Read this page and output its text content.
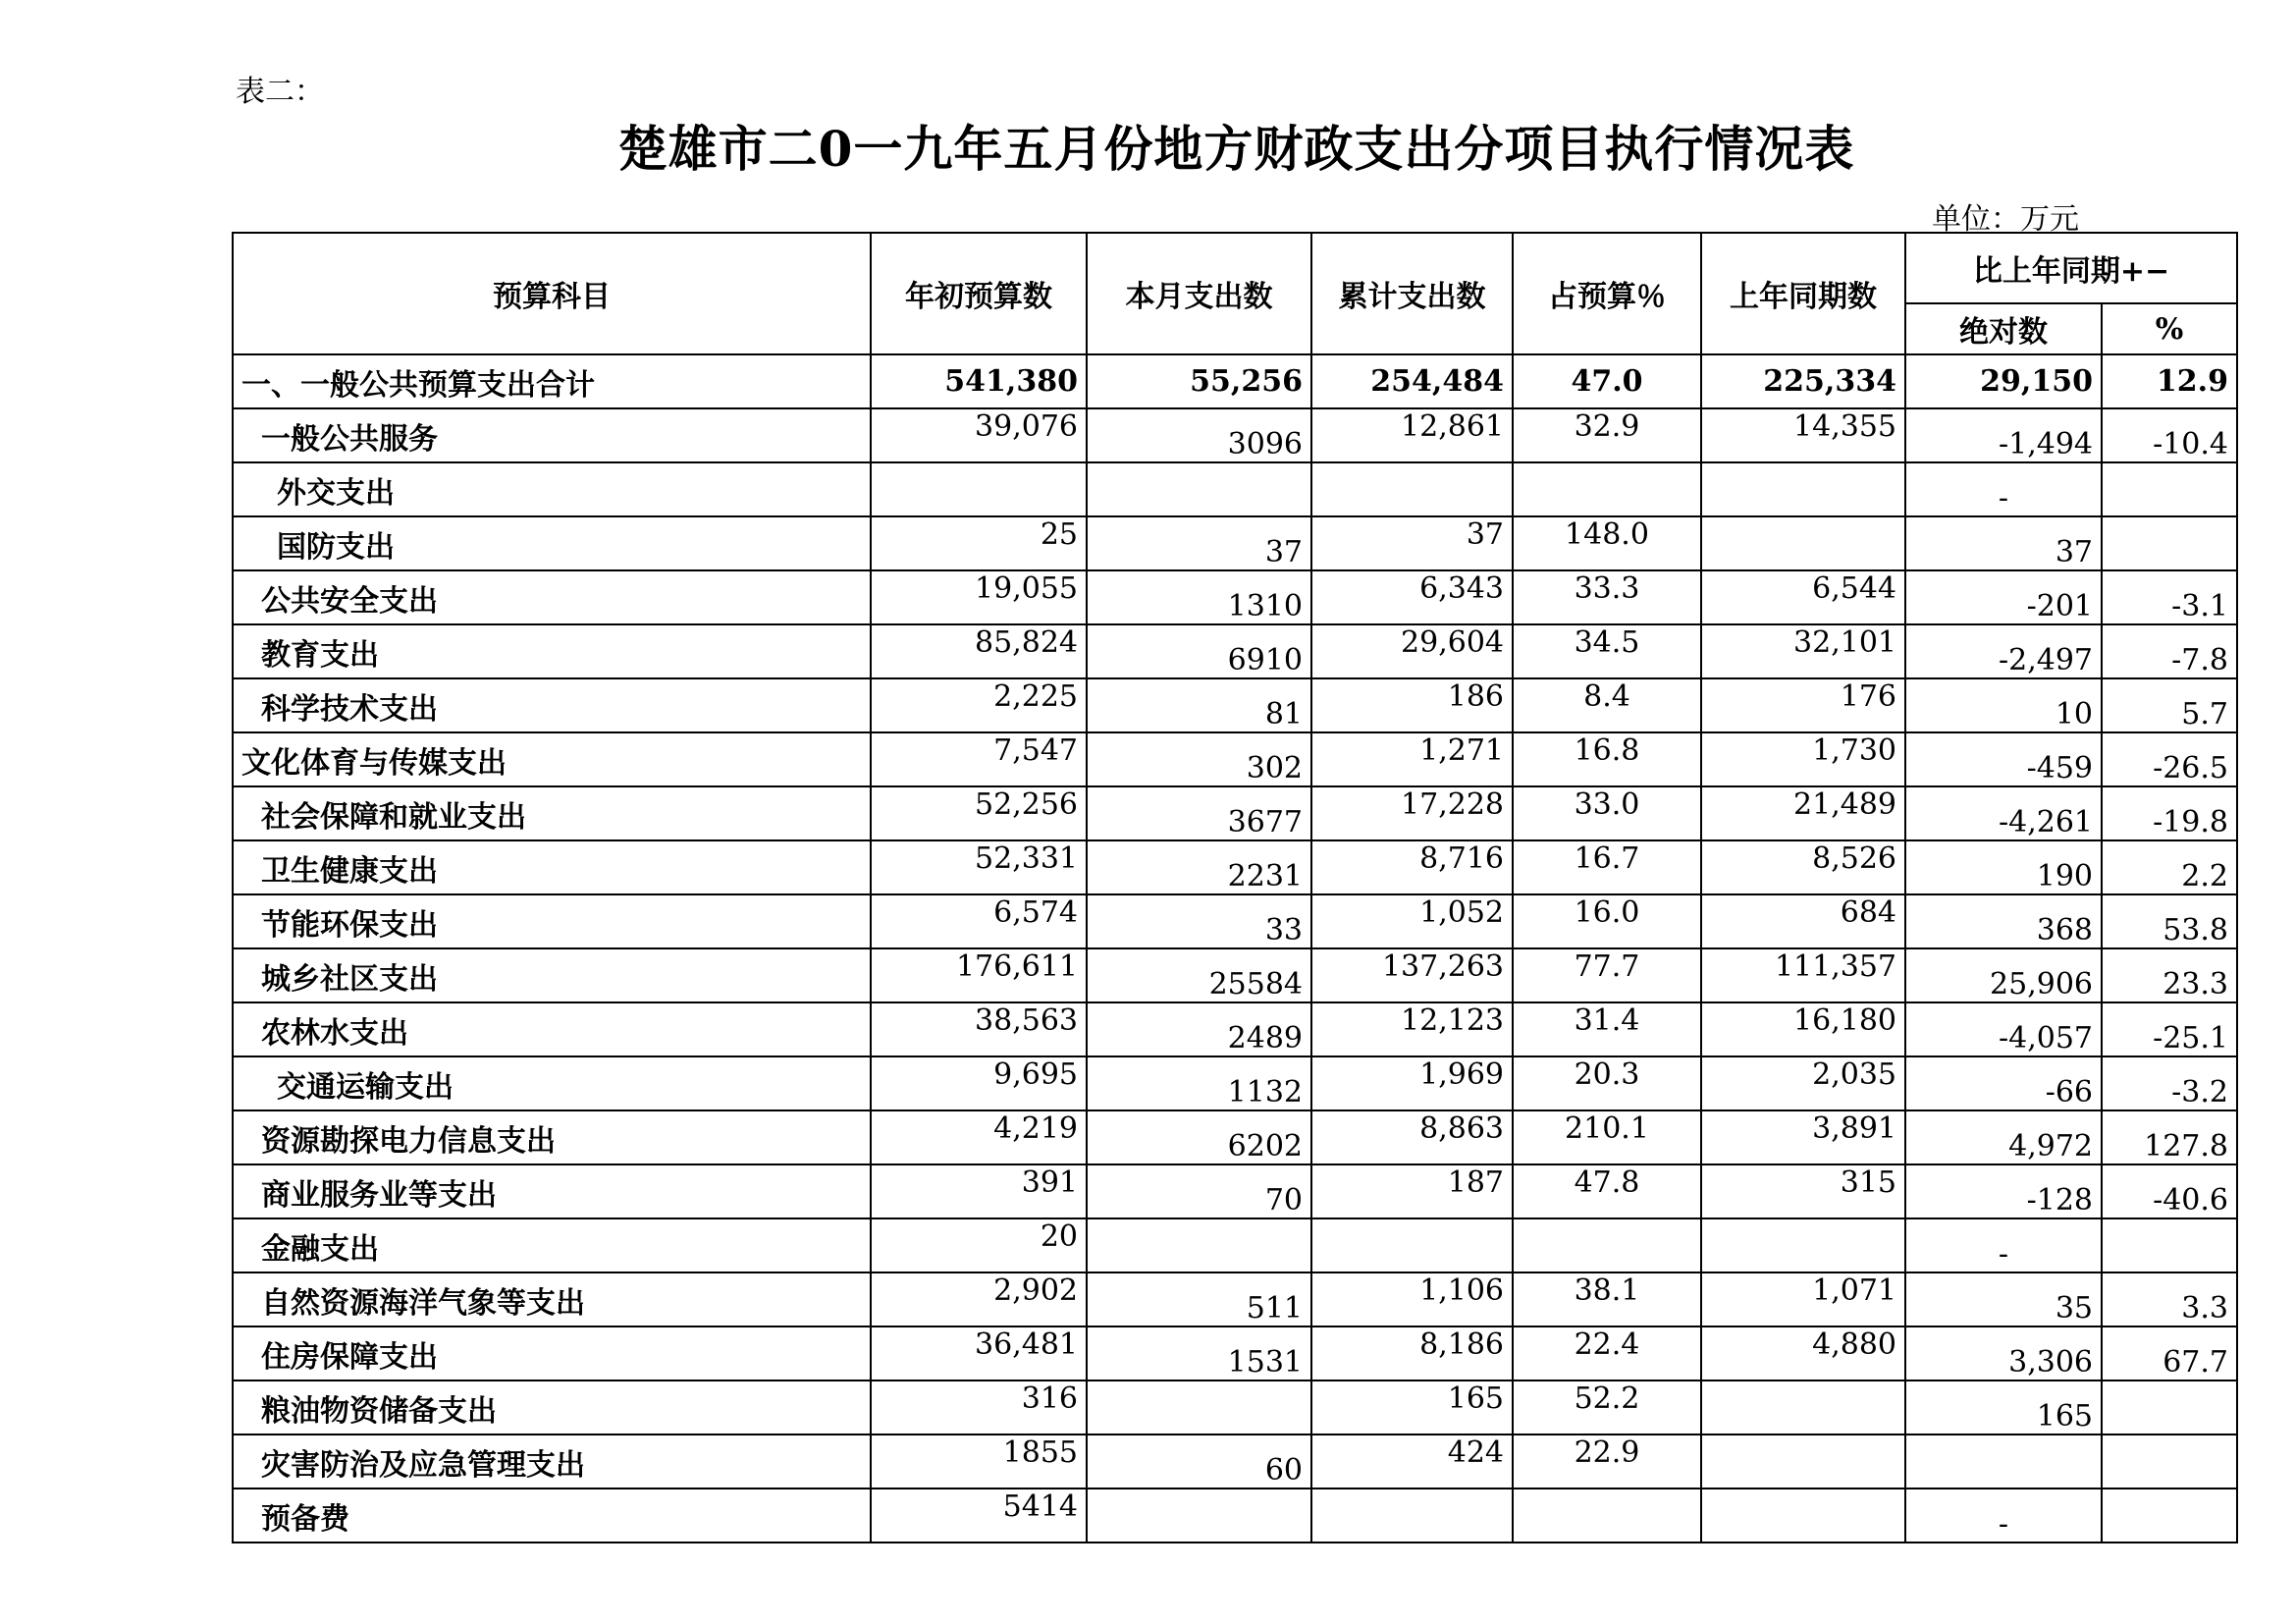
表二：
楚雄市二0一九年五月份地方财政支出分项目执行情况表
单位：万元
预算科目	年初预算数	本月支出数	累计支出数	占预算％	上年同期数	比上年同期+−	
						绝对数	%
一、一般公共预算支出合计	541,380	55,256	254,484	47.0	225,334	29,150	12.9
一般公共服务	39,076	3096	12,861	32.9	14,355	-1,494	-10.4
外交支出						-	
国防支出	25	37	37	148.0		37	
公共安全支出	19,055	1310	6,343	33.3	6,544	-201	-3.1
教育支出	85,824	6910	29,604	34.5	32,101	-2,497	-7.8
科学技术支出	2,225	81	186	8.4	176	10	5.7
文化体育与传媒支出	7,547	302	1,271	16.8	1,730	-459	-26.5
社会保障和就业支出	52,256	3677	17,228	33.0	21,489	-4,261	-19.8
卫生健康支出	52,331	2231	8,716	16.7	8,526	190	2.2
节能环保支出	6,574	33	1,052	16.0	684	368	53.8
城乡社区支出	176,611	25584	137,263	77.7	111,357	25,906	23.3
农林水支出	38,563	2489	12,123	31.4	16,180	-4,057	-25.1
交通运输支出	9,695	1132	1,969	20.3	2,035	-66	-3.2
资源勘探电力信息支出	4,219	6202	8,863	210.1	3,891	4,972	127.8
商业服务业等支出	391	70	187	47.8	315	-128	-40.6
金融支出	20					-	
自然资源海洋气象等支出	2,902	511	1,106	38.1	1,071	35	3.3
住房保障支出	36,481	1531	8,186	22.4	4,880	3,306	67.7
粮油物资储备支出	316		165	52.2		165	
灾害防治及应急管理支出	1855	60	424	22.9			
预备费	5414					-	
